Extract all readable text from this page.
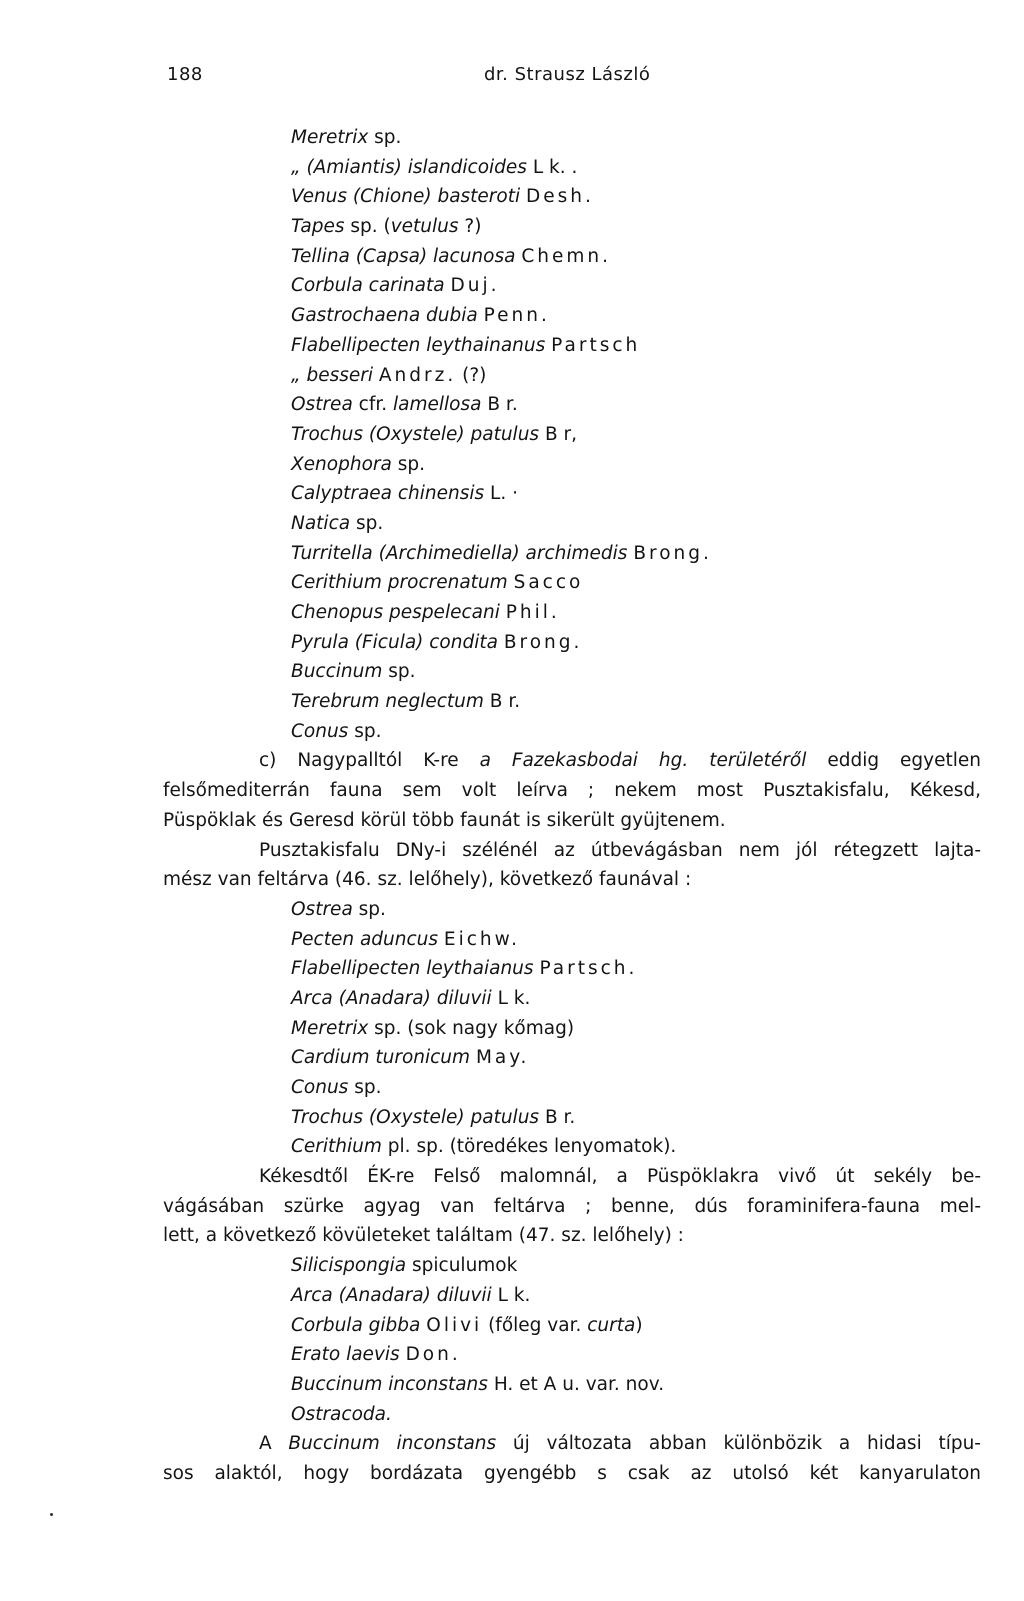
188	dr. Strausz László
Meretrix sp.
„ (Amiantis) islandicoides L k. .
Venus (Chione) basteroti Desh.
Tapes sp. (vetulus ?)
Tellina (Capsa) lacunosa Chemn.
Corbula carinata Duj.
Gastrochaena dubia Penn.
Flabellipecten leythainanus Partsch
„ besseri Andrz. (?)
Ostrea cfr. lamellosa B r.
Trochus (Oxystele) patulus B r,
Xenophora sp.
Calyptraea chinensis L. ·
Natica sp.
Turritella (Archimediella) archimedis Brong.
Cerithium procrenatum Sacco
Chenopus pespelecani Phil.
Pyrula (Ficula) condita Brong.
Buccinum sp.
Terebrum neglectum B r.
Conus sp.
c) Nagypalltól K-re a Fazekasbodai hg. területéről eddig egyetlen
felsőmediterrán fauna sem volt leírva ; nekem most Pusztakisfalu, Kékesd,
Püspöklak és Geresd körül több faunát is sikerült gyüjtenem.
Pusztakisfalu DNy-i szélénél az útbevágásban nem jól rétegzett lajta-
mész van feltárva (46. sz. lelőhely), következő faunával :
Ostrea sp.
Pecten aduncus Eichw.
Flabellipecten leythaianus Partsch.
Arca (Anadara) diluvii L k.
Meretrix sp. (sok nagy kőmag)
Cardium turonicum May.
Conus sp.
Trochus (Oxystele) patulus B r.
Cerithium pl. sp. (töredékes lenyomatok).
Kékesdtől ÉK-re Felső malomnál, a Püspöklakra vivő út sekély be-
vágásában szürke agyag van feltárva ; benne, dús foraminifera-fauna mel-
lett, a következő kövületeket találtam (47. sz. lelőhely) :
Silicispongia spiculumok
Arca (Anadara) diluvii L k.
Corbula gibba Olivi (főleg var. curta)
Erato laevis Don.
Buccinum inconstans H. et A u. var. nov.
Ostracoda.
A Buccinum inconstans új változata abban különbözik a hidasi típu-
sos alaktól, hogy bordázata gyengébb s csak az utolsó két kanyarulaton
